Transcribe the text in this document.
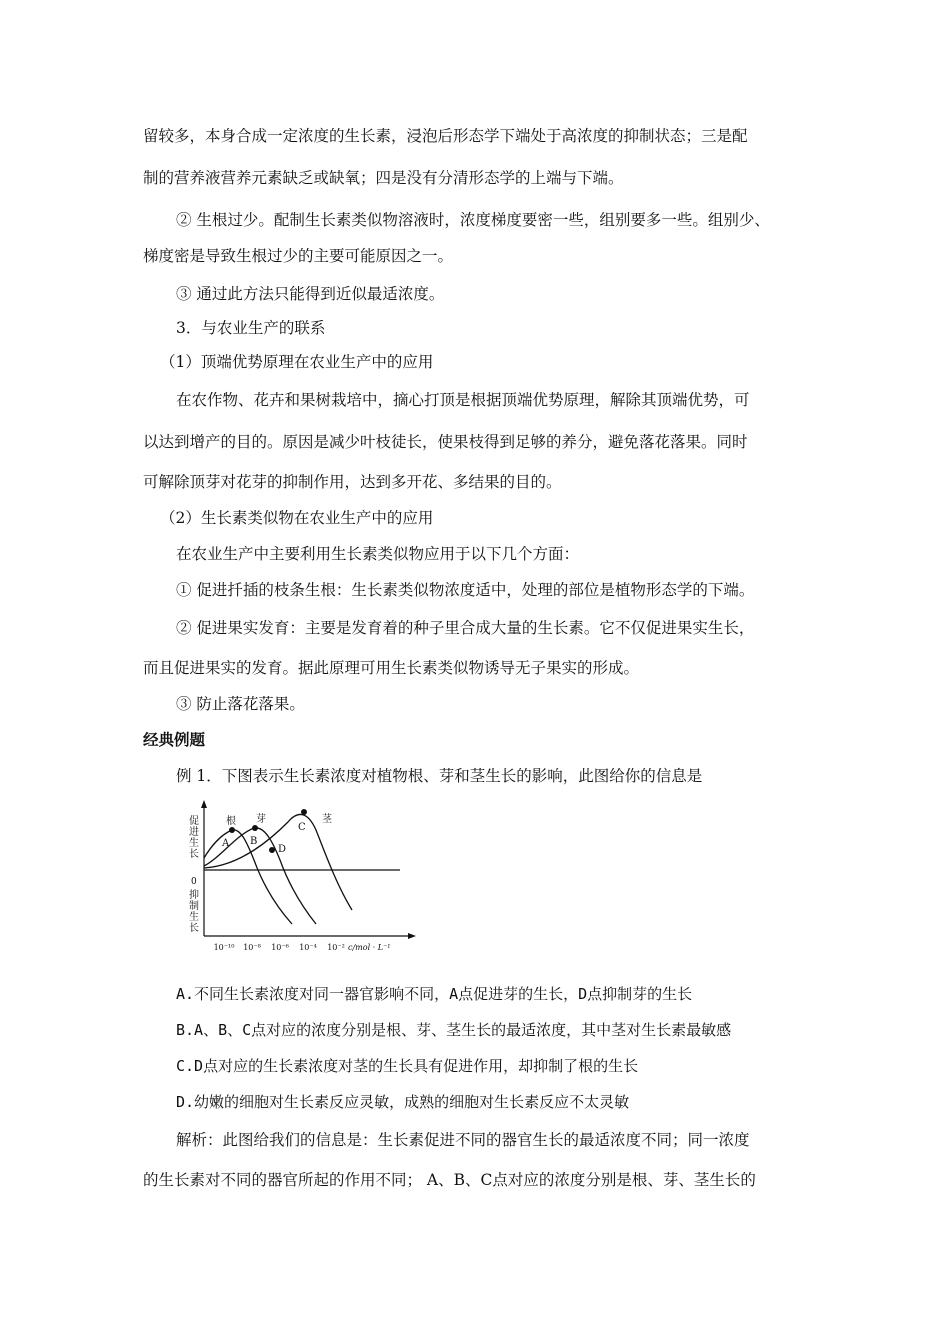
留较多，本身合成一定浓度的生长素，浸泡后形态学下端处于高浓度的抑制状态；三是配
制的营养液营养元素缺乏或缺氧；四是没有分清形态学的上端与下端。
② 生根过少。配制生长素类似物溶液时，浓度梯度要密一些，组别要多一些。组别少、
梯度密是导致生根过少的主要可能原因之一。
③ 通过此方法只能得到近似最适浓度。
3．与农业生产的联系
（1）顶端优势原理在农业生产中的应用
在农作物、花卉和果树栽培中，摘心打顶是根据顶端优势原理，解除其顶端优势，可
以达到增产的目的。原因是减少叶枝徒长，使果枝得到足够的养分，避免落花落果。同时
可解除顶芽对花芽的抑制作用，达到多开花、多结果的目的。
（2）生长素类似物在农业生产中的应用
在农业生产中主要利用生长素类似物应用于以下几个方面：
① 促进扦插的枝条生根：生长素类似物浓度适中，处理的部位是植物形态学的下端。
② 促进果实发育：主要是发育着的种子里合成大量的生长素。它不仅促进果实生长，
而且促进果实的发育。据此原理可用生长素类似物诱导无子果实的形成。
③ 防止落花落果。
经典例题
例 1．下图表示生长素浓度对植物根、芽和茎生长的影响，此图给你的信息是
根 芽	茎
A B
C
D
促进生长
0
抑制生长
10⁻¹⁰ 10⁻⁸ 10⁻⁶ 10⁻⁴ 10⁻² c/mol · L⁻¹
A.不同生长素浓度对同一器官影响不同，A点促进芽的生长，D点抑制芽的生长
B.A、B、C点对应的浓度分别是根、芽、茎生长的最适浓度，其中茎对生长素最敏感
C.D点对应的生长素浓度对茎的生长具有促进作用，却抑制了根的生长
D.幼嫩的细胞对生长素反应灵敏，成熟的细胞对生长素反应不太灵敏
解析：此图给我们的信息是：生长素促进不同的器官生长的最适浓度不同；同一浓度
的生长素对不同的器官所起的作用不同； A、B、C点对应的浓度分别是根、芽、茎生长的
